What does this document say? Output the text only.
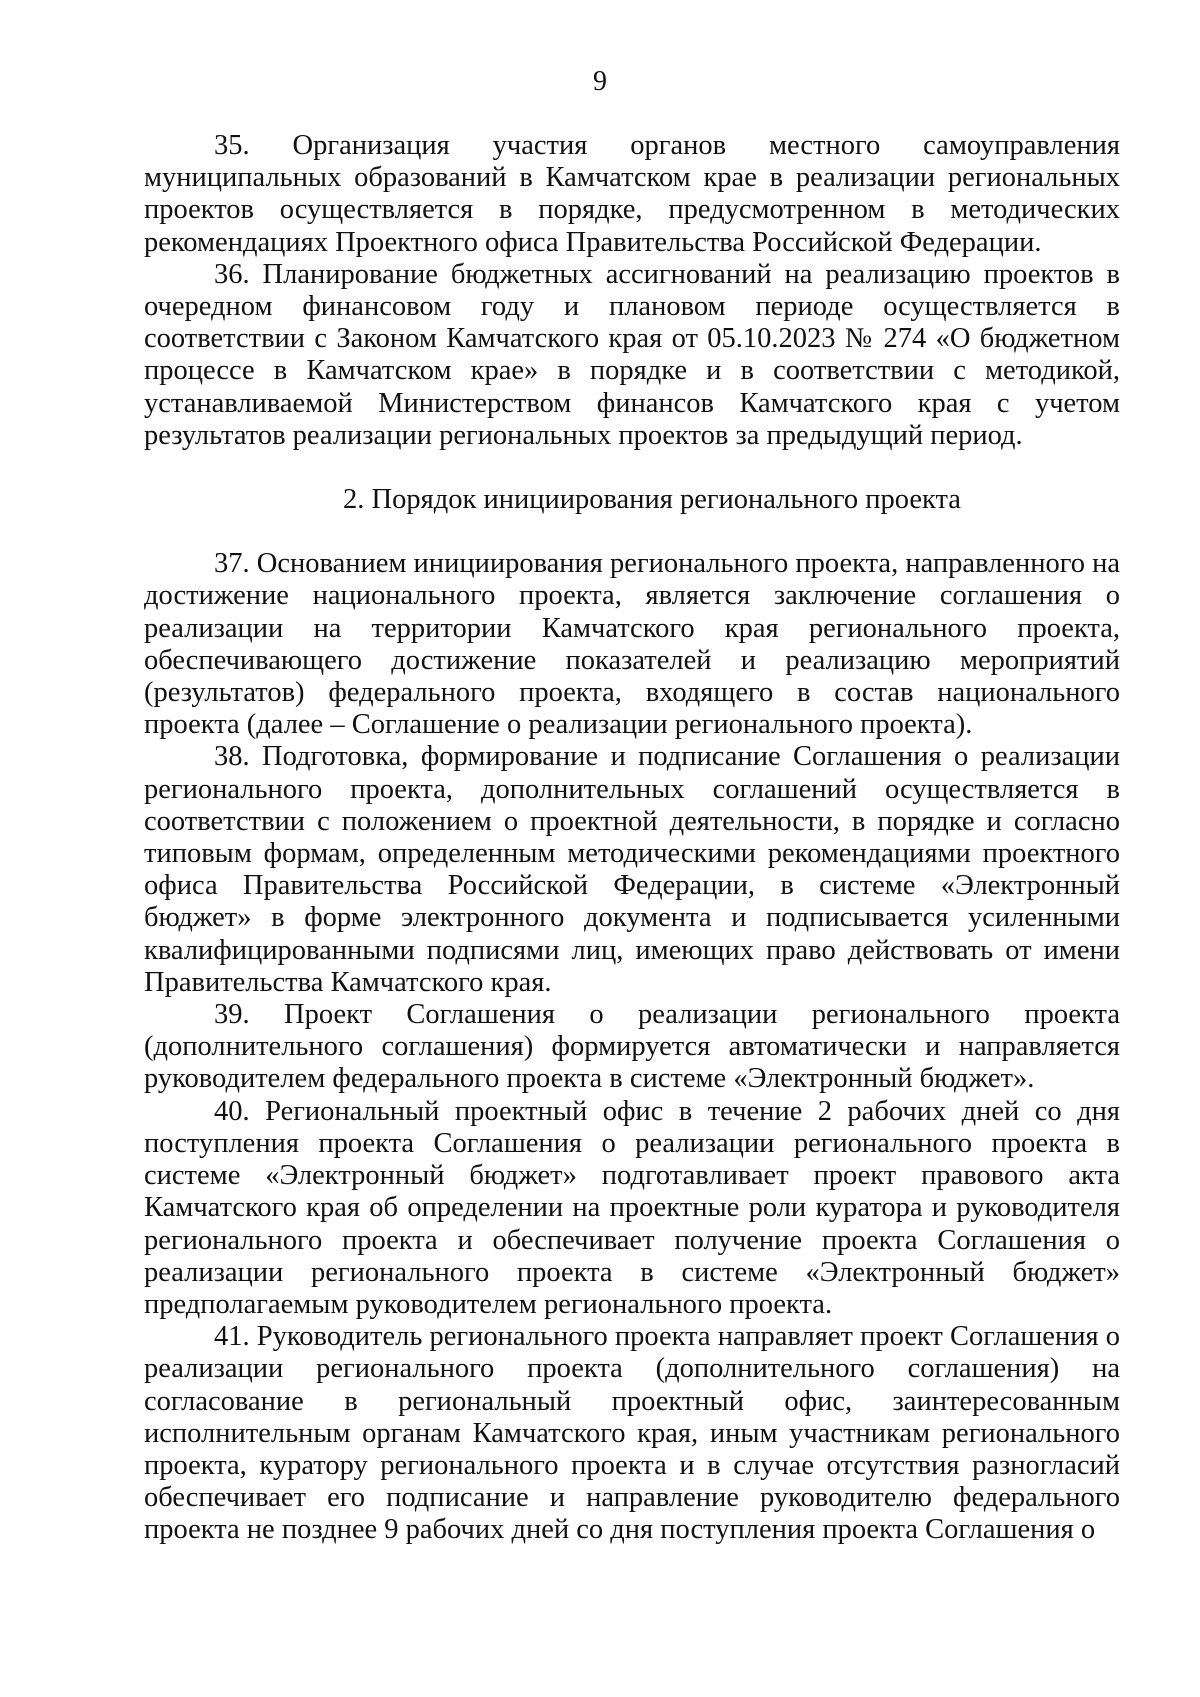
9

35. Организация участия органов местного самоуправления муниципальных образований в Камчатском крае в реализации региональных проектов осуществляется в порядке, предусмотренном в методических рекомендациях Проектного офиса Правительства Российской Федерации.

36. Планирование бюджетных ассигнований на реализацию проектов в очередном финансовом году и плановом периоде осуществляется в соответствии с Законом Камчатского края от 05.10.2023 № 274 «О бюджетном процессе в Камчатском крае» в порядке и в соответствии с методикой, устанавливаемой Министерством финансов Камчатского края с учетом результатов реализации региональных проектов за предыдущий период.

2. Порядок инициирования регионального проекта

37. Основанием инициирования регионального проекта, направленного на достижение национального проекта, является заключение соглашения о реализации на территории Камчатского края регионального проекта, обеспечивающего достижение показателей и реализацию мероприятий (результатов) федерального проекта, входящего в состав национального проекта (далее – Соглашение о реализации регионального проекта).

38. Подготовка, формирование и подписание Соглашения о реализации регионального проекта, дополнительных соглашений осуществляется в соответствии с положением о проектной деятельности, в порядке и согласно типовым формам, определенным методическими рекомендациями проектного офиса Правительства Российской Федерации, в системе «Электронный бюджет» в форме электронного документа и подписывается усиленными квалифицированными подписями лиц, имеющих право действовать от имени Правительства Камчатского края.

39. Проект Соглашения о реализации регионального проекта (дополнительного соглашения) формируется автоматически и направляется руководителем федерального проекта в системе «Электронный бюджет».

40. Региональный проектный офис в течение 2 рабочих дней со дня поступления проекта Соглашения о реализации регионального проекта в системе «Электронный бюджет» подготавливает проект правового акта Камчатского края об определении на проектные роли куратора и руководителя регионального проекта и обеспечивает получение проекта Соглашения о реализации регионального проекта в системе «Электронный бюджет» предполагаемым руководителем регионального проекта.

41. Руководитель регионального проекта направляет проект Соглашения о реализации регионального проекта (дополнительного соглашения) на согласование в региональный проектный офис, заинтересованным исполнительным органам Камчатского края, иным участникам регионального проекта, куратору регионального проекта и в случае отсутствия разногласий обеспечивает его подписание и направление руководителю федерального проекта не позднее 9 рабочих дней со дня поступления проекта Соглашения о
